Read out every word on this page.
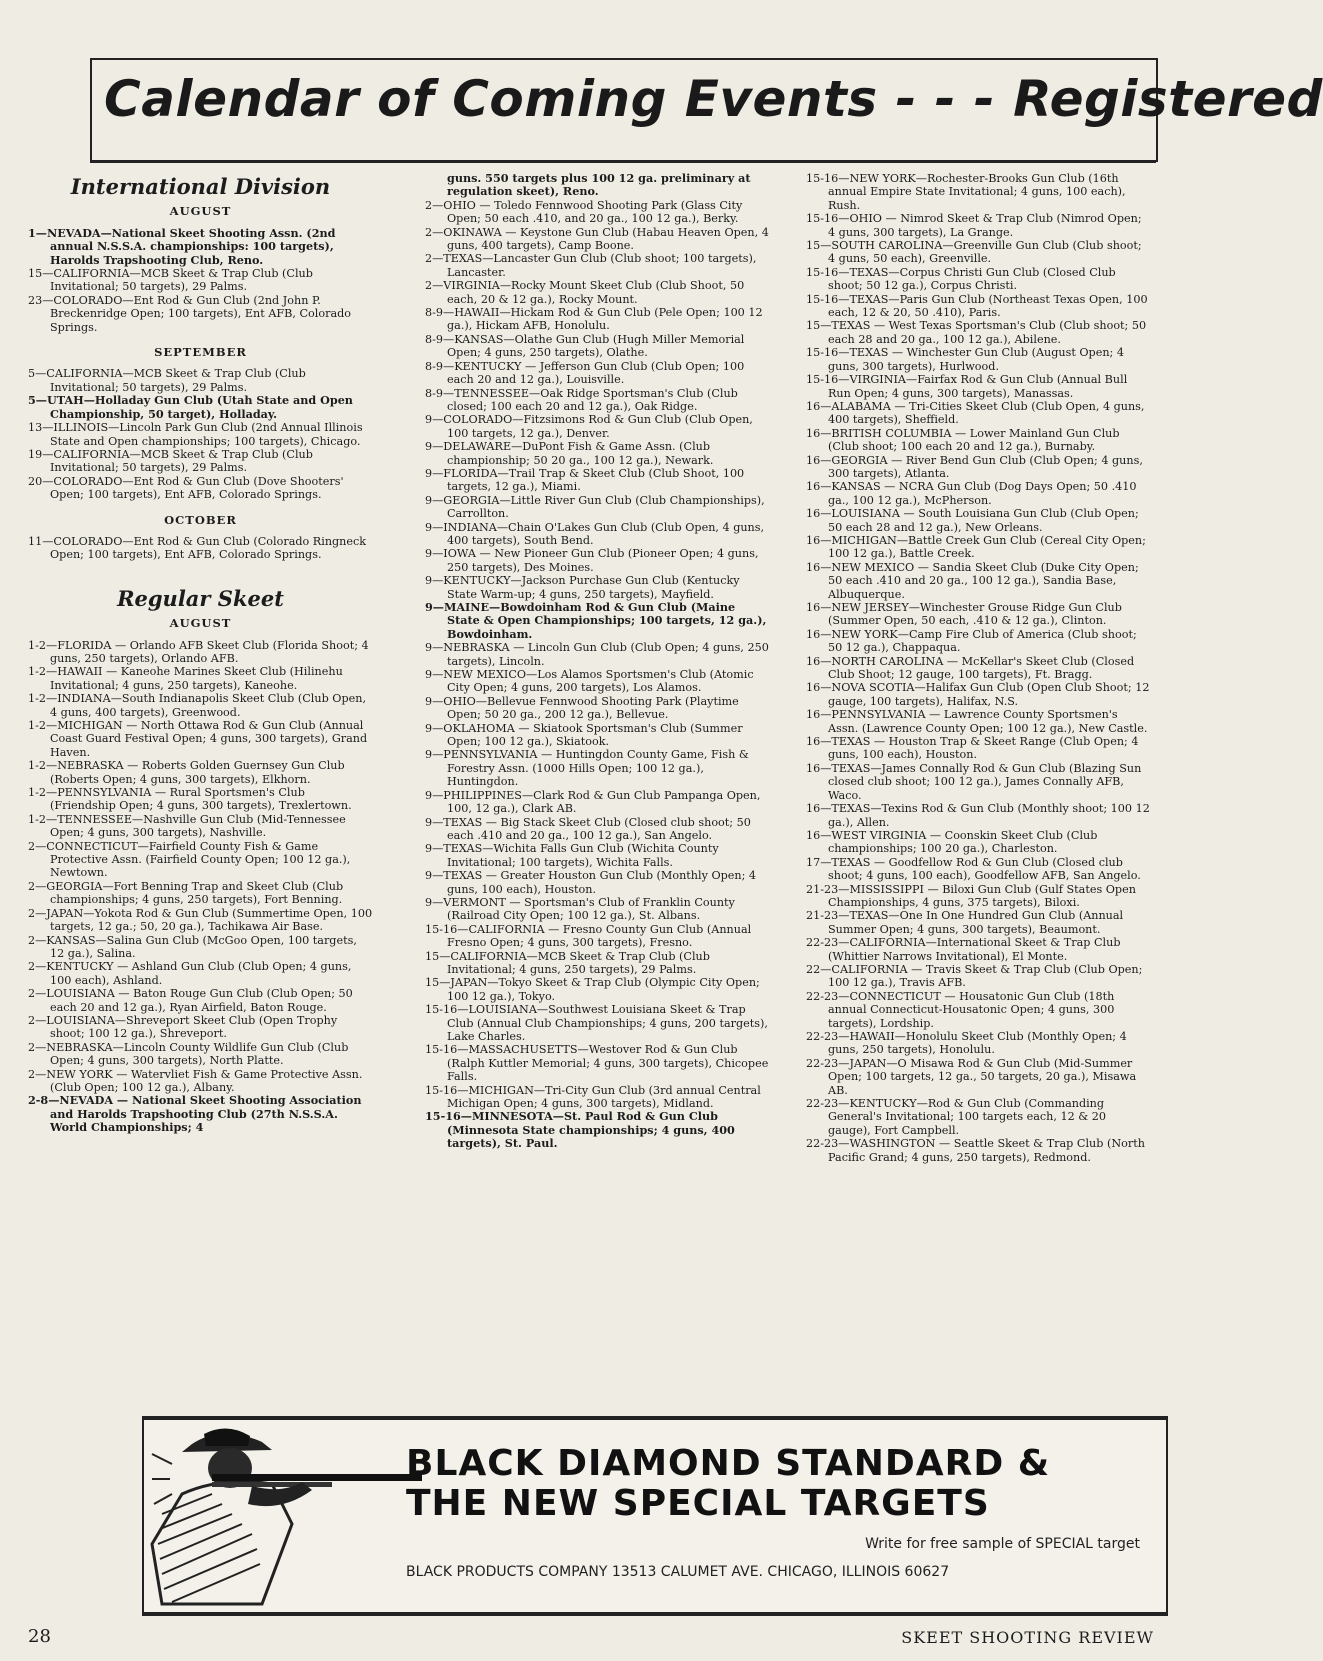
Calendar of Coming Events - - - Registered
International Division
AUGUST
1—NEVADA—National Skeet Shooting Assn. (2nd annual N.S.S.A. championships: 100 targets), Harolds Trapshooting Club, Reno.
15—CALIFORNIA—MCB Skeet & Trap Club (Club Invitational; 50 targets), 29 Palms.
23—COLORADO—Ent Rod & Gun Club (2nd John P. Breckenridge Open; 100 targets), Ent AFB, Colorado Springs.
SEPTEMBER
5—CALIFORNIA—MCB Skeet & Trap Club (Club Invitational; 50 targets), 29 Palms.
5—UTAH—Holladay Gun Club (Utah State and Open Championship, 50 target), Holladay.
13—ILLINOIS—Lincoln Park Gun Club (2nd Annual Illinois State and Open championships; 100 targets), Chicago.
19—CALIFORNIA—MCB Skeet & Trap Club (Club Invitational; 50 targets), 29 Palms.
20—COLORADO—Ent Rod & Gun Club (Dove Shooters' Open; 100 targets), Ent AFB, Colorado Springs.
OCTOBER
11—COLORADO—Ent Rod & Gun Club (Colorado Ringneck Open; 100 targets), Ent AFB, Colorado Springs.
Regular Skeet
AUGUST
1-2—FLORIDA — Orlando AFB Skeet Club (Florida Shoot; 4 guns, 250 targets), Orlando AFB.
1-2—HAWAII — Kaneohe Marines Skeet Club (Hilinehu Invitational; 4 guns, 250 targets), Kaneohe.
1-2—INDIANA—South Indianapolis Skeet Club (Club Open, 4 guns, 400 targets), Greenwood.
1-2—MICHIGAN — North Ottawa Rod & Gun Club (Annual Coast Guard Festival Open; 4 guns, 300 targets), Grand Haven.
1-2—NEBRASKA — Roberts Golden Guernsey Gun Club (Roberts Open; 4 guns, 300 targets), Elkhorn.
1-2—PENNSYLVANIA — Rural Sportsmen's Club (Friendship Open; 4 guns, 300 targets), Trexlertown.
1-2—TENNESSEE—Nashville Gun Club (Mid-Tennessee Open; 4 guns, 300 targets), Nashville.
2—CONNECTICUT—Fairfield County Fish & Game Protective Assn. (Fairfield County Open; 100 12 ga.), Newtown.
2—GEORGIA—Fort Benning Trap and Skeet Club (Club championships; 4 guns, 250 targets), Fort Benning.
2—JAPAN—Yokota Rod & Gun Club (Summertime Open, 100 targets, 12 ga.; 50, 20 ga.), Tachikawa Air Base.
2—KANSAS—Salina Gun Club (McGoo Open, 100 targets, 12 ga.), Salina.
2—KENTUCKY — Ashland Gun Club (Club Open; 4 guns, 100 each), Ashland.
2—LOUISIANA — Baton Rouge Gun Club (Club Open; 50 each 20 and 12 ga.), Ryan Airfield, Baton Rouge.
2—LOUISIANA—Shreveport Skeet Club (Open Trophy shoot; 100 12 ga.), Shreveport.
2—NEBRASKA—Lincoln County Wildlife Gun Club (Club Open; 4 guns, 300 targets), North Platte.
2—NEW YORK — Watervliet Fish & Game Protective Assn. (Club Open; 100 12 ga.), Albany.
2-8—NEVADA — National Skeet Shooting Association and Harolds Trapshooting Club (27th N.S.S.A. World Championships; 4
guns. 550 targets plus 100 12 ga. preliminary at regulation skeet), Reno.
2—OHIO — Toledo Fennwood Shooting Park (Glass City Open; 50 each .410, and 20 ga., 100 12 ga.), Berky.
2—OKINAWA — Keystone Gun Club (Habau Heaven Open, 4 guns, 400 targets), Camp Boone.
2—TEXAS—Lancaster Gun Club (Club shoot; 100 targets), Lancaster.
2—VIRGINIA—Rocky Mount Skeet Club (Club Shoot, 50 each, 20 & 12 ga.), Rocky Mount.
8-9—HAWAII—Hickam Rod & Gun Club (Pele Open; 100 12 ga.), Hickam AFB, Honolulu.
8-9—KANSAS—Olathe Gun Club (Hugh Miller Memorial Open; 4 guns, 250 targets), Olathe.
8-9—KENTUCKY — Jefferson Gun Club (Club Open; 100 each 20 and 12 ga.), Louisville.
8-9—TENNESSEE—Oak Ridge Sportsman's Club (Club closed; 100 each 20 and 12 ga.), Oak Ridge.
9—COLORADO—Fitzsimons Rod & Gun Club (Club Open, 100 targets, 12 ga.), Denver.
9—DELAWARE—DuPont Fish & Game Assn. (Club championship; 50 20 ga., 100 12 ga.), Newark.
9—FLORIDA—Trail Trap & Skeet Club (Club Shoot, 100 targets, 12 ga.), Miami.
9—GEORGIA—Little River Gun Club (Club Championships), Carrollton.
9—INDIANA—Chain O'Lakes Gun Club (Club Open, 4 guns, 400 targets), South Bend.
9—IOWA — New Pioneer Gun Club (Pioneer Open; 4 guns, 250 targets), Des Moines.
9—KENTUCKY—Jackson Purchase Gun Club (Kentucky State Warm-up; 4 guns, 250 targets), Mayfield.
9—MAINE—Bowdoinham Rod & Gun Club (Maine State & Open Championships; 100 targets, 12 ga.), Bowdoinham.
9—NEBRASKA — Lincoln Gun Club (Club Open; 4 guns, 250 targets), Lincoln.
9—NEW MEXICO—Los Alamos Sportsmen's Club (Atomic City Open; 4 guns, 200 targets), Los Alamos.
9—OHIO—Bellevue Fennwood Shooting Park (Playtime Open; 50 20 ga., 200 12 ga.), Bellevue.
9—OKLAHOMA — Skiatook Sportsman's Club (Summer Open; 100 12 ga.), Skiatook.
9—PENNSYLVANIA — Huntingdon County Game, Fish & Forestry Assn. (1000 Hills Open; 100 12 ga.), Huntingdon.
9—PHILIPPINES—Clark Rod & Gun Club Pampanga Open, 100, 12 ga.), Clark AB.
9—TEXAS — Big Stack Skeet Club (Closed club shoot; 50 each .410 and 20 ga., 100 12 ga.), San Angelo.
9—TEXAS—Wichita Falls Gun Club (Wichita County Invitational; 100 targets), Wichita Falls.
9—TEXAS — Greater Houston Gun Club (Monthly Open; 4 guns, 100 each), Houston.
9—VERMONT — Sportsman's Club of Franklin County (Railroad City Open; 100 12 ga.), St. Albans.
15-16—CALIFORNIA — Fresno County Gun Club (Annual Fresno Open; 4 guns, 300 targets), Fresno.
15—CALIFORNIA—MCB Skeet & Trap Club (Club Invitational; 4 guns, 250 targets), 29 Palms.
15—JAPAN—Tokyo Skeet & Trap Club (Olympic City Open; 100 12 ga.), Tokyo.
15-16—LOUISIANA—Southwest Louisiana Skeet & Trap Club (Annual Club Championships; 4 guns, 200 targets), Lake Charles.
15-16—MASSACHUSETTS—Westover Rod & Gun Club (Ralph Kuttler Memorial; 4 guns, 300 targets), Chicopee Falls.
15-16—MICHIGAN—Tri-City Gun Club (3rd annual Central Michigan Open; 4 guns, 300 targets), Midland.
15-16—MINNESOTA—St. Paul Rod & Gun Club (Minnesota State championships; 4 guns, 400 targets), St. Paul.
15-16—NEW YORK—Rochester-Brooks Gun Club (16th annual Empire State Invitational; 4 guns, 100 each), Rush.
15-16—OHIO — Nimrod Skeet & Trap Club (Nimrod Open; 4 guns, 300 targets), La Grange.
15—SOUTH CAROLINA—Greenville Gun Club (Club shoot; 4 guns, 50 each), Greenville.
15-16—TEXAS—Corpus Christi Gun Club (Closed Club shoot; 50 12 ga.), Corpus Christi.
15-16—TEXAS—Paris Gun Club (Northeast Texas Open, 100 each, 12 & 20, 50 .410), Paris.
15—TEXAS — West Texas Sportsman's Club (Club shoot; 50 each 28 and 20 ga., 100 12 ga.), Abilene.
15-16—TEXAS — Winchester Gun Club (August Open; 4 guns, 300 targets), Hurlwood.
15-16—VIRGINIA—Fairfax Rod & Gun Club (Annual Bull Run Open; 4 guns, 300 targets), Manassas.
16—ALABAMA — Tri-Cities Skeet Club (Club Open, 4 guns, 400 targets), Sheffield.
16—BRITISH COLUMBIA — Lower Mainland Gun Club (Club shoot; 100 each 20 and 12 ga.), Burnaby.
16—GEORGIA — River Bend Gun Club (Club Open; 4 guns, 300 targets), Atlanta.
16—KANSAS — NCRA Gun Club (Dog Days Open; 50 .410 ga., 100 12 ga.), McPherson.
16—LOUISIANA — South Louisiana Gun Club (Club Open; 50 each 28 and 12 ga.), New Orleans.
16—MICHIGAN—Battle Creek Gun Club (Cereal City Open; 100 12 ga.), Battle Creek.
16—NEW MEXICO — Sandia Skeet Club (Duke City Open; 50 each .410 and 20 ga., 100 12 ga.), Sandia Base, Albuquerque.
16—NEW JERSEY—Winchester Grouse Ridge Gun Club (Summer Open, 50 each, .410 & 12 ga.), Clinton.
16—NEW YORK—Camp Fire Club of America (Club shoot; 50 12 ga.), Chappaqua.
16—NORTH CAROLINA — McKellar's Skeet Club (Closed Club Shoot; 12 gauge, 100 targets), Ft. Bragg.
16—NOVA SCOTIA—Halifax Gun Club (Open Club Shoot; 12 gauge, 100 targets), Halifax, N.S.
16—PENNSYLVANIA — Lawrence County Sportsmen's Assn. (Lawrence County Open; 100 12 ga.), New Castle.
16—TEXAS — Houston Trap & Skeet Range (Club Open; 4 guns, 100 each), Houston.
16—TEXAS—James Connally Rod & Gun Club (Blazing Sun closed club shoot; 100 12 ga.), James Connally AFB, Waco.
16—TEXAS—Texins Rod & Gun Club (Monthly shoot; 100 12 ga.), Allen.
16—WEST VIRGINIA — Coonskin Skeet Club (Club championships; 100 20 ga.), Charleston.
17—TEXAS — Goodfellow Rod & Gun Club (Closed club shoot; 4 guns, 100 each), Goodfellow AFB, San Angelo.
21-23—MISSISSIPPI — Biloxi Gun Club (Gulf States Open Championships, 4 guns, 375 targets), Biloxi.
21-23—TEXAS—One In One Hundred Gun Club (Annual Summer Open; 4 guns, 300 targets), Beaumont.
22-23—CALIFORNIA—International Skeet & Trap Club (Whittier Narrows Invitational), El Monte.
22—CALIFORNIA — Travis Skeet & Trap Club (Club Open; 100 12 ga.), Travis AFB.
22-23—CONNECTICUT — Housatonic Gun Club (18th annual Connecticut-Housatonic Open; 4 guns, 300 targets), Lordship.
22-23—HAWAII—Honolulu Skeet Club (Monthly Open; 4 guns, 250 targets), Honolulu.
22-23—JAPAN—O Misawa Rod & Gun Club (Mid-Summer Open; 100 targets, 12 ga., 50 targets, 20 ga.), Misawa AB.
22-23—KENTUCKY—Rod & Gun Club (Commanding General's Invitational; 100 targets each, 12 & 20 gauge), Fort Campbell.
22-23—WASHINGTON — Seattle Skeet & Trap Club (North Pacific Grand; 4 guns, 250 targets), Redmond.
BLACK DIAMOND STANDARD &
THE NEW SPECIAL TARGETS
Write for free sample of SPECIAL target
BLACK PRODUCTS COMPANY 13513 CALUMET AVE. CHICAGO, ILLINOIS 60627
28	SKEET SHOOTING REVIEW
